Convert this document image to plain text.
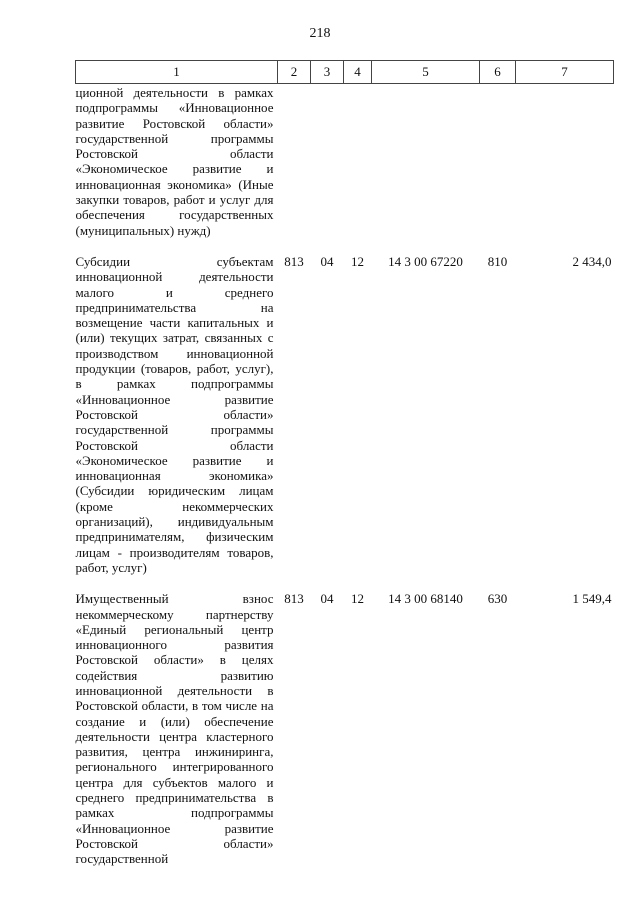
218
1	2	3	4	5	6	7
ционной деятельности в рамках подпрограммы «Инновационное развитие Ростовской области» государственной программы Ростовской области «Экономическое развитие и инновационная экономика» (Иные закупки товаров, работ и услуг для обеспечения государственных (муниципальных) нужд)						
Субсидии субъектам инновационной деятельности малого и среднего предпринимательства на возмещение части капитальных и (или) текущих затрат, связанных с производством инновационной продукции (товаров, работ, услуг), в рамках подпрограммы «Инновационное развитие Ростовской области» государственной программы Ростовской области «Экономическое развитие и инновационная экономика» (Субсидии юридическим лицам (кроме некоммерческих организаций), индивидуальным предпринимателям, физическим лицам - производителям товаров, работ, услуг)	813	04	12	14 3 00 67220	810	2 434,0
Имущественный взнос некоммерческому партнерству «Единый региональный центр инновационного развития Ростовской области» в целях содействия развитию инновационной деятельности в Ростовской области, в том числе на создание и (или) обеспечение деятельности центра кластерного развития, центра инжиниринга, регионального интегрированного центра для субъектов малого и среднего предпринимательства в рамках подпрограммы «Инновационное развитие Ростовской области» государственной	813	04	12	14 3 00 68140	630	1 549,4
